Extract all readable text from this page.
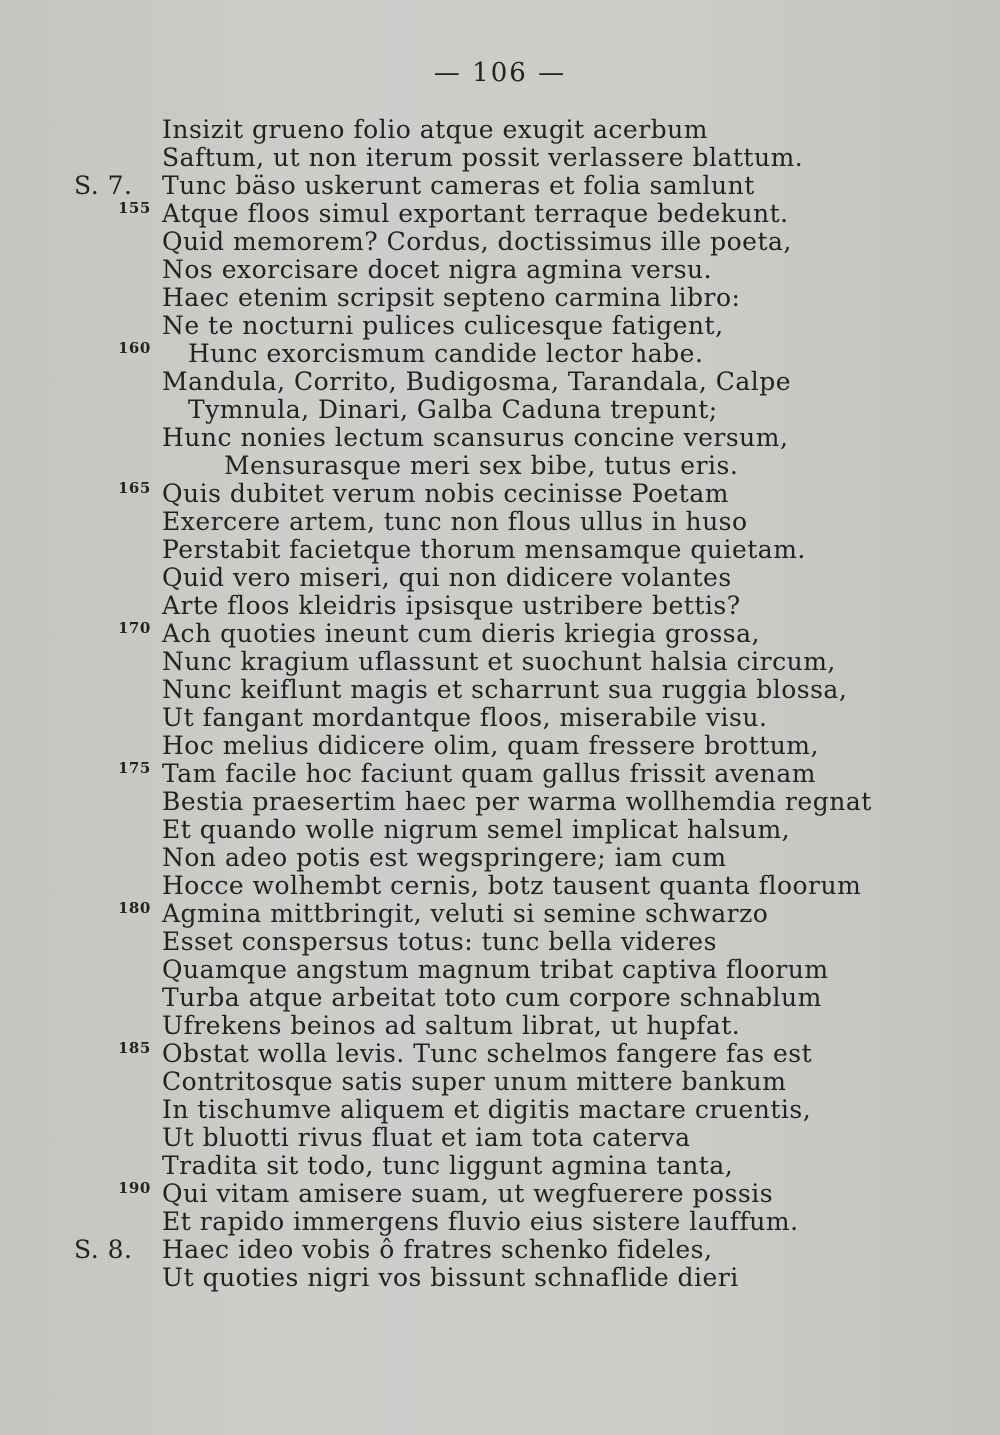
— 106 —
Insizit grueno folio atque exugit acerbum
Saftum, ut non iterum possit verlassere blattum.
S. 7. Tunc bäso uskerunt cameras et folia samlunt
155 Atque floos simul exportant terraque bedekunt.
Quid memorem? Cordus, doctissimus ille poeta,
Nos exorcisare docet nigra agmina versu.
Haec etenim scripsit septeno carmina libro:
Ne te nocturni pulices culicesque fatigent,
160 Hunc exorcismum candide lector habe.
Mandula, Corrito, Budigosma, Tarandala, Calpe
Tymnula, Dinari, Galba Caduna trepunt;
Hunc nonies lectum scansurus concine versum,
Mensurasque meri sex bibe, tutus eris.
165 Quis dubitet verum nobis cecinisse Poetam
Exercere artem, tunc non flous ullus in huso
Perstabit facietque thorum mensamque quietam.
Quid vero miseri, qui non didicere volantes
Arte floos kleidris ipsisque ustribere bettis?
170 Ach quoties ineunt cum dieris kriegia grossa,
Nunc kragium uflassunt et suochunt halsia circum,
Nunc keiflunt magis et scharrunt sua ruggia blossa,
Ut fangant mordantque floos, miserabile visu.
Hoc melius didicere olim, quam fressere brottum,
175 Tam facile hoc faciunt quam gallus frissit avenam
Bestia praesertim haec per warma wollhemdia regnat
Et quando wolle nigrum semel implicat halsum,
Non adeo potis est wegspringere; iam cum
Hocce wolhembt cernis, botz tausent quanta floorum
180 Agmina mittbringit, veluti si semine schwarzo
Esset conspersus totus: tunc bella videres
Quamque angstum magnum tribat captiva floorum
Turba atque arbeitat toto cum corpore schnablum
Ufrekens beinos ad saltum librat, ut hupfat.
185 Obstat wolla levis. Tunc schelmos fangere fas est
Contritosque satis super unum mittere bankum
In tischumve aliquem et digitis mactare cruentis,
Ut bluotti rivus fluat et iam tota caterva
Tradita sit todo, tunc liggunt agmina tanta,
190 Qui vitam amisere suam, ut wegfuerere possis
Et rapido immergens fluvio eius sistere lauffum.
S. 8. Haec ideo vobis ô fratres schenko fideles,
Ut quoties nigri vos bissunt schnaflide dieri
